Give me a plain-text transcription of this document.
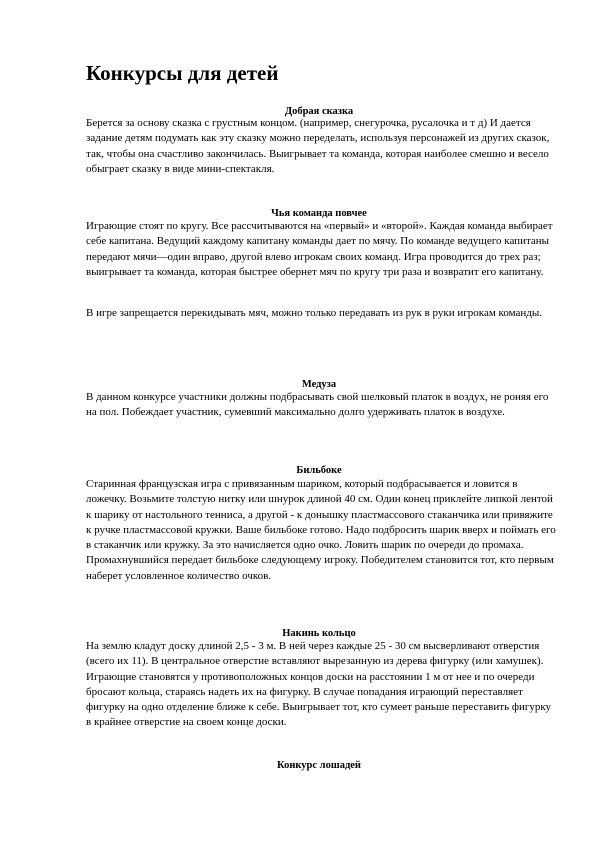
Конкурсы для детей
Добрая сказка

Берется за основу сказка с грустным концом. (например, снегурочка, русалочка и т д) И дается задание детям подумать как эту сказку можно переделать, используя персонажей из других сказок, так, чтобы она счастливо закончилась. Выигрывает та команда, которая наиболее смешно и весело обыграет сказку в виде мини-спектакля.

Чья команда повчее

Играющие стоят по кругу. Все рассчитываются на «первый» и «второй». Каждая команда выбирает себе капитана. Ведущий каждому капитану команды дает по мячу. По команде ведущего капитаны передают мячи—один вправо, другой влево игрокам своих команд. Игра проводится до трех раз; выигрывает та команда, которая быстрее обернет мяч по кругу три раза и возвратит его капитану.

В игре запрещается перекидывать мяч, можно только передавать из рук в руки игрокам команды.

Медуза

В данном конкурсе участники должны подбрасывать свой шелковый платок в воздух, не роняя его на пол. Побеждает участник, сумевший максимально долго удерживать платок в воздухе.

Бильбоке

Старинная французская игра с привязанным шариком, который подбрасывается и ловится в ложечку. Возьмите толстую нитку или шнурок длиной 40 см. Один конец приклейте липкой лентой к шарику от настольного тенниса, а другой - к донышку пластмассового стаканчика или привяжите к ручке пластмассовой кружки. Ваше бильбоке готово. Надо подбросить шарик вверх и поймать его в стаканчик или кружку. За это начисляется одно очко. Ловить шарик по очереди до промаха. Промахнувшийся передает бильбоке следующему игроку. Победителем становится тот, кто первым наберет условленное количество очков.

Накинь кольцо

На землю кладут доску длиной 2,5 - 3 м. В ней через каждые 25 - 30 см высверливают отверстия (всего их 11). В центральное отверстие вставляют вырезанную из дерева фигурку (или хамушек). Играющие становятся у противоположных концов доски на расстоянии 1 м от нее и по очереди бросают кольца, стараясь надеть их на фигурку. В случае попадания играющий переставляет фигурку на одно отделение ближе к себе. Выигрывает тот, кто сумеет раньше переставить фигурку в крайнее отверстие на своем конце доски.

Конкурс лошадей
